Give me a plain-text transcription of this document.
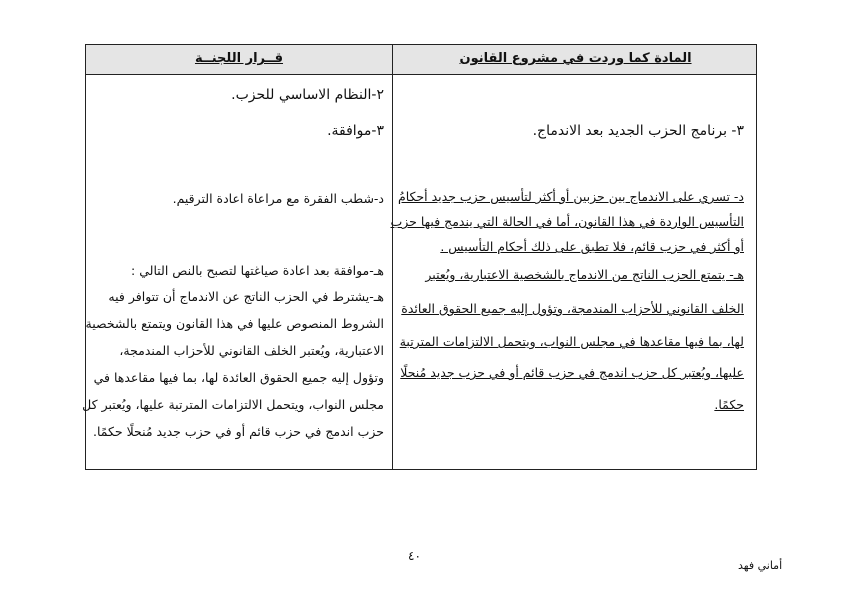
المادة كما وردت في مشروع القانون
قــرار اللجنــة
٣- برنامج الحزب الجديد بعد الاندماج.
د- تسري على الاندماج بين حزبين أو أكثر لتأسيس حزب جديد أحكامُ
التأسيس الواردة في هذا القانون، أما في الحالة التي يندمج فيها حزب
أو أكثر في حزب قائم، فلا تطبق على ذلك أحكام التأسيس .
هـ- يتمتع الحزب الناتج من الاندماج بالشخصية الاعتبارية، ويُعتبر
الخلف القانوني للأحزاب المندمجة، وتؤول إليه جميع الحقوق العائدة
لها، بما فيها مقاعدها في مجلس النواب، ويتحمل الالتزامات المترتبة
عليها، ويُعتبر كل حزب اندمج في حزب قائم أو في حزب جديد مُنحلًا
حكمًا.
٢-النظام الاساسي للحزب.
٣-موافقة.
د-شطب الفقرة مع مراعاة اعادة الترقيم.
هـ-موافقة بعد اعادة صياغتها لتصبح بالنص التالي :
هـ-يشترط في الحزب الناتج عن الاندماج أن تتوافر فيه
الشروط المنصوص عليها في هذا القانون ويتمتع بالشخصية
الاعتبارية، ويُعتبر الخلف القانوني للأحزاب المندمجة،
وتؤول إليه جميع الحقوق العائدة لها، بما فيها مقاعدها في
مجلس النواب، ويتحمل الالتزامات المترتبة عليها، ويُعتبر كل
حزب اندمج في حزب قائم أو في حزب جديد مُنحلًا حكمًا.
٤٠
أماني فهد
